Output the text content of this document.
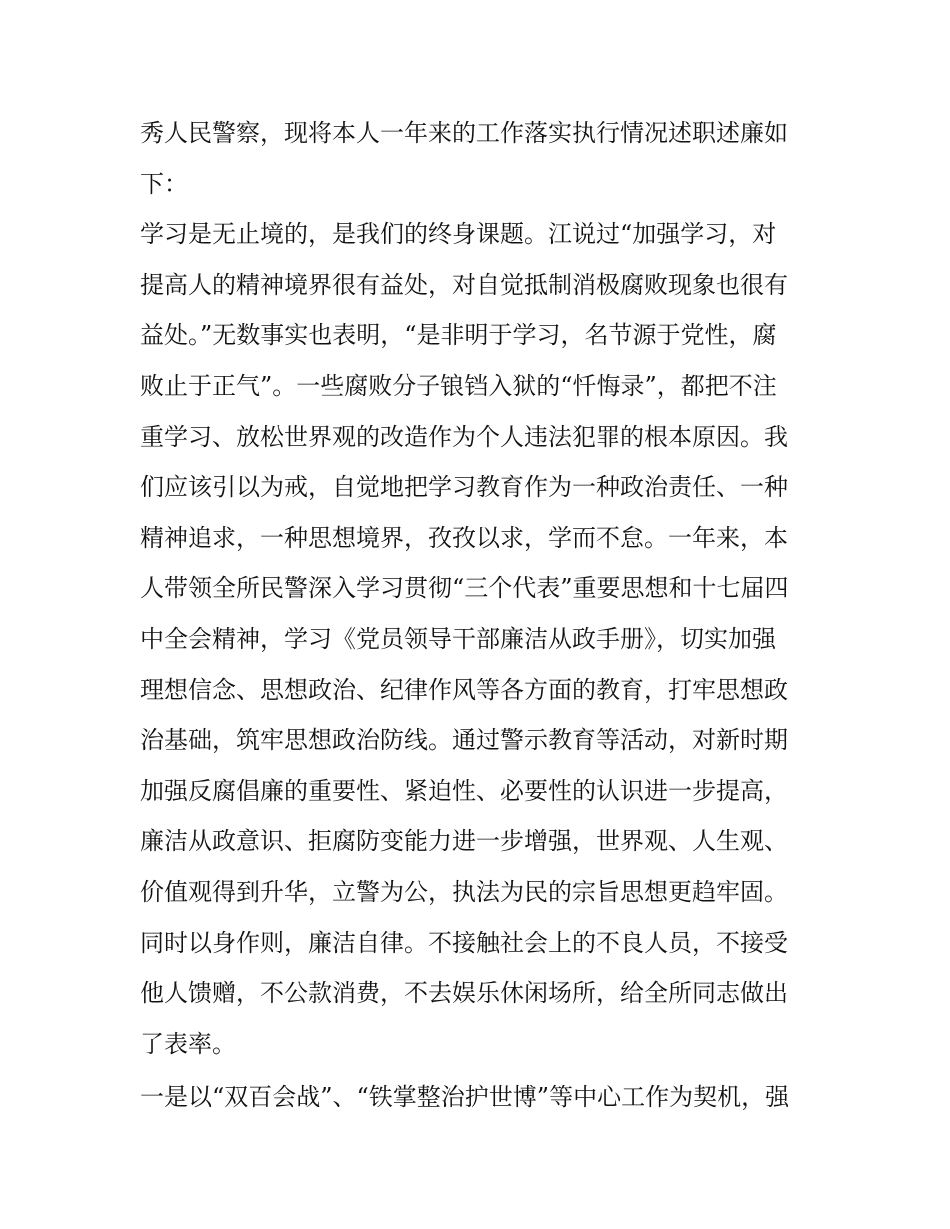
秀人民警察，现将本人一年来的工作落实执行情况述职述廉如
下：
学习是无止境的，是我们的终身课题。江说过“加强学习，对
提高人的精神境界很有益处，对自觉抵制消极腐败现象也很有
益处。”无数事实也表明，“是非明于学习，名节源于党性，腐
败止于正气”。一些腐败分子锒铛入狱的“忏悔录”，都把不注
重学习、放松世界观的改造作为个人违法犯罪的根本原因。我
们应该引以为戒，自觉地把学习教育作为一种政治责任、一种
精神追求，一种思想境界，孜孜以求，学而不怠。一年来，本
人带领全所民警深入学习贯彻“三个代表”重要思想和十七届四
中全会精神，学习《党员领导干部廉洁从政手册》，切实加强
理想信念、思想政治、纪律作风等各方面的教育，打牢思想政
治基础，筑牢思想政治防线。通过警示教育等活动，对新时期
加强反腐倡廉的重要性、紧迫性、必要性的认识进一步提高，
廉洁从政意识、拒腐防变能力进一步增强，世界观、人生观、
价值观得到升华，立警为公，执法为民的宗旨思想更趋牢固。
同时以身作则，廉洁自律。不接触社会上的不良人员，不接受
他人馈赠，不公款消费，不去娱乐休闲场所，给全所同志做出
了表率。
一是以“双百会战”、“铁掌整治护世博”等中心工作为契机，强
